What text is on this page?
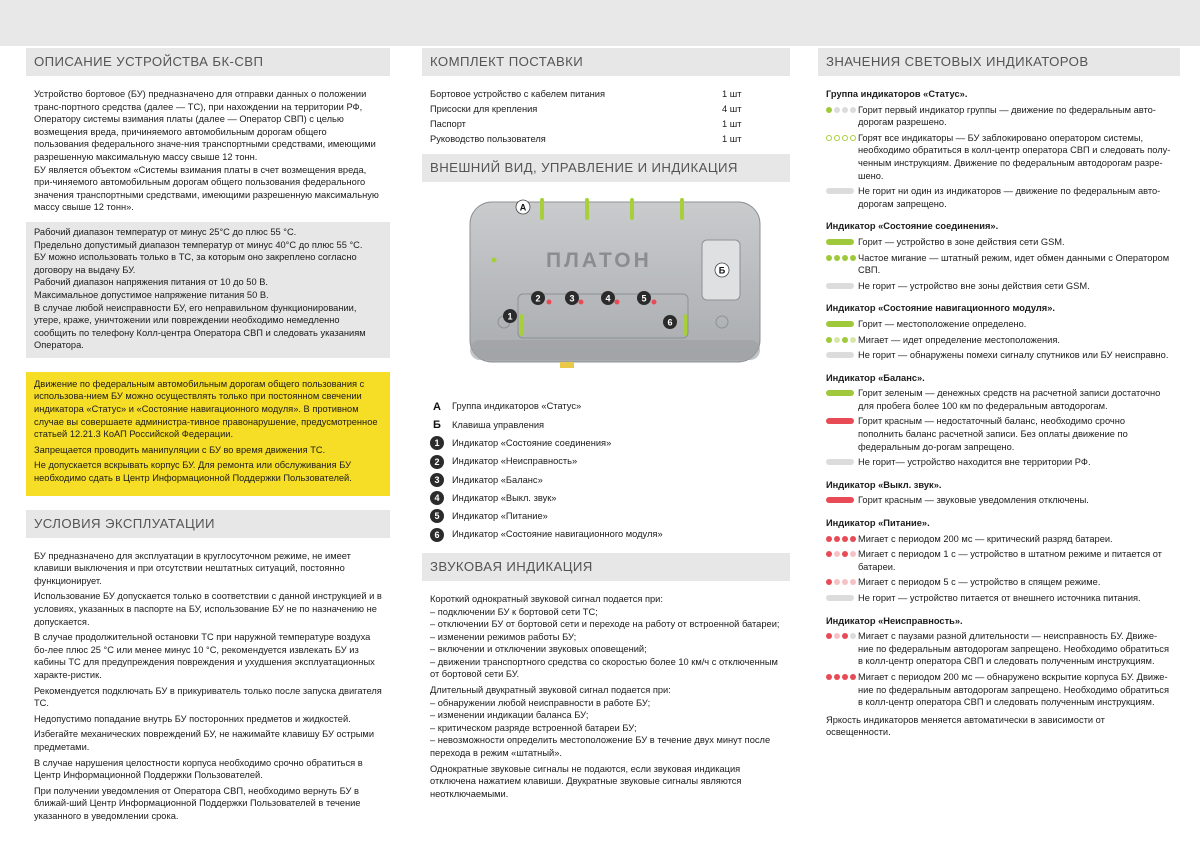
ОПИСАНИЕ УСТРОЙСТВА БК-СВП

Устройство бортовое (БУ) предназначено для отправки данных о положении транс-портного средства (далее — ТС), при нахождении на территории РФ, Оператору системы взимания платы (далее — Оператор СВП) с целью возмещения вреда, причиняемого автомобильным дорогам общего пользования федерального значе-ния транспортными средствами, имеющими разрешенную максимальную массу свыше 12 тонн.

БУ является объектом «Системы взимания платы в счет возмещения вреда, при-чиняемого автомобильным дорогам общего пользования федерального значения транспортными средствами, имеющими разрешенную максимальную массу свыше 12 тонн».

Рабочий диапазон температур от минус 25°С до плюс 55 °С.

Предельно допустимый диапазон температур от минус 40°С до плюс 55 °С.

БУ можно использовать только в ТС, за которым оно закреплено согласно договору на выдачу БУ.

Рабочий диапазон напряжения питания от 10 до 50 В.

Максимальное допустимое напряжение питания 50 В.

В случае любой неисправности БУ, его неправильном функционировании, утере, краже, уничтожении или повреждении необходимо немедленно сообщить по телефону Колл-центра Оператора СВП и следовать указаниям Оператора.

Движение по федеральным автомобильным дорогам общего пользования с использова-нием БУ можно осуществлять только при постоянном свечении индикатора «Статус» и «Состояние навигационного модуля». В противном случае вы совершаете администра-тивное правонарушение, предусмотренное статьей 12.21.3 КоАП Российской Федерации.

Запрещается проводить манипуляции с БУ во время движения ТС.

Не допускается вскрывать корпус БУ. Для ремонта или обслуживания БУ необходимо сдать в Центр Информационной Поддержки Пользователей.

УСЛОВИЯ ЭКСПЛУАТАЦИИ

БУ предназначено для эксплуатации в круглосуточном режиме, не имеет клавиши выключения и при отсутствии нештатных ситуаций, постоянно функционирует.

Использование БУ допускается только в соответствии с данной инструкцией и в условиях, указанных в паспорте на БУ, использование БУ не по назначению не допускается.

В случае продолжительной остановки ТС при наружной температуре воздуха бо-лее плюс 25 °С или менее минус 10 °С, рекомендуется извлекать БУ из кабины ТС для предупреждения повреждения и ухудшения эксплуатационных характе-ристик.

Рекомендуется подключать БУ в прикуриватель только после запуска двигателя ТС.

Недопустимо попадание внутрь БУ посторонних предметов и жидкостей.

Избегайте механических повреждений БУ, не нажимайте клавишу БУ острыми предметами.

В случае нарушения целостности корпуса необходимо срочно обратиться в Центр Информационной Поддержки Пользователей.

При получении уведомления от Оператора СВП, необходимо вернуть БУ в ближай-ший Центр Информационной Поддержки Пользователей в течение указанного в уведомлении срока.

КОМПЛЕКТ ПОСТАВКИ
Бортовое устройство с кабелем питания	1 шт
Присоски для крепления	4 шт
Паспорт	1 шт
Руководство пользователя	1 шт
ВНЕШНИЙ ВИД, УПРАВЛЕНИЕ И ИНДИКАЦИЯ
ПЛАТОН
А
Б
1
2	3	4	5
6
А	Группа индикаторов «Статус»
Б	Клавиша управления
1	Индикатор «Состояние соединения»
2	Индикатор «Неисправность»
3	Индикатор «Баланс»
4	Индикатор «Выкл. звук»
5	Индикатор «Питание»
6	Индикатор «Состояние навигационного модуля»
ЗВУКОВАЯ ИНДИКАЦИЯ

Короткий однократный звуковой сигнал подается при:

– подключении БУ к бортовой сети ТС;

– отключении БУ от бортовой сети и переходе на работу от встроенной батареи;

– изменении режимов работы БУ;

– включении и отключении звуковых оповещений;

– движении транспортного средства со скоростью более 10 км/ч с отключенным от бортовой сети БУ.

Длительный двукратный звуковой сигнал подается при:

– обнаружении любой неисправности в работе БУ;

– изменении индикации баланса БУ;

– критическом разряде встроенной батареи БУ;

– невозможности определить местоположение БУ в течение двух минут после перехода в режим «штатный».

Однократные звуковые сигналы не подаются, если звуковая индикация отключена нажатием клавиши. Двукратные звуковые сигналы являются неотключаемыми.

ЗНАЧЕНИЯ СВЕТОВЫХ ИНДИКАТОРОВ
Группа индикаторов «Статус».
Горит первый индикатор группы — движение по федеральным авто-дорогам разрешено.
Горят все индикаторы — БУ заблокировано оператором системы, необходимо обратиться в колл-центр оператора СВП и следовать полу-ченным инструкциям. Движение по федеральным автодорогам разре-шено.
Не горит ни один из индикаторов — движение по федеральным авто-дорогам запрещено.
Индикатор «Состояние соединения».
Горит — устройство в зоне действия сети GSM.
Частое мигание — штатный режим, идет обмен данными с Оператором СВП.
Не горит — устройство вне зоны действия сети GSM.
Индикатор «Состояние навигационного модуля».
Горит — местоположение определено.
Мигает — идет определение местоположения.
Не горит — обнаружены помехи сигналу спутников или БУ неисправно.
Индикатор «Баланс».
Горит зеленым — денежных средств на расчетной записи достаточно для пробега более 100 км по федеральным автодорогам.
Горит красным — недостаточный баланс, необходимо срочно пополнить баланс расчетной записи. Без оплаты движение по федеральным до-рогам запрещено.
Не горит— устройство находится вне территории РФ.
Индикатор «Выкл. звук».
Горит красным — звуковые уведомления отключены.
Индикатор «Питание».
Мигает с периодом 200 мс — критический разряд батареи.
Мигает с периодом 1 с — устройство в штатном режиме и питается от батареи.
Мигает с периодом 5 с — устройство в спящем режиме.
Не горит — устройство питается от внешнего источника питания.
Индикатор «Неисправность».
Мигает с паузами разной длительности — неисправность БУ. Движе-ние по федеральным автодорогам запрещено. Необходимо обратиться в колл-центр оператора СВП и следовать полученным инструкциям.
Мигает с периодом 200 мс — обнаружено вскрытие корпуса БУ. Движе-ние по федеральным автодорогам запрещено. Необходимо обратиться в колл-центр оператора СВП и следовать полученным инструкциям.

Яркость индикаторов меняется автоматически в зависимости от освещенности.
